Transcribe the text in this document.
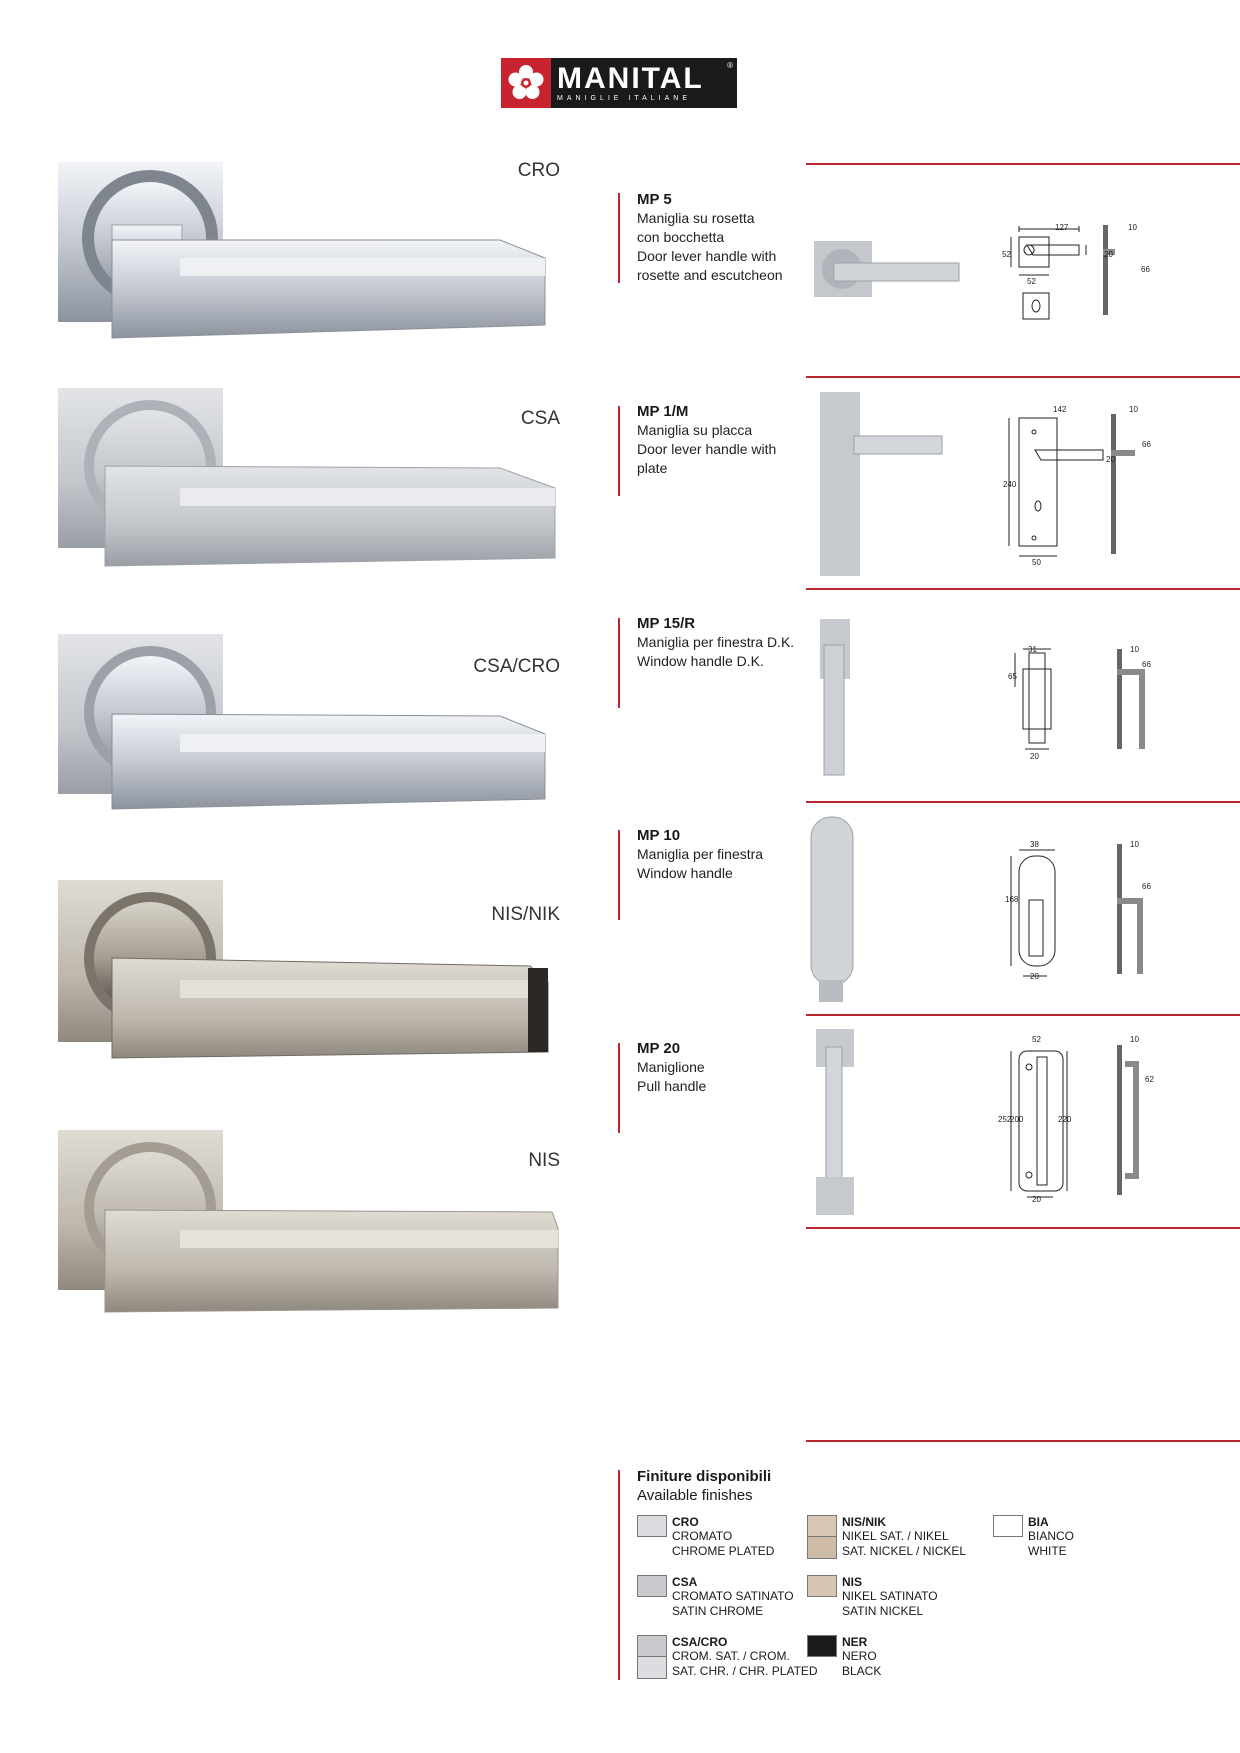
MANITAL
MANIGLIE ITALIANE
®
CRO
CSA
CSA/CRO
NIS/NIK
NIS
MP 5
Maniglia su rosetta
con bocchetta
Door lever handle with
rosette and escutcheon
127
52
52
20
10
66
MP 1/M
Maniglia su placca
Door lever handle with plate
142
240
50
20
10
66
MP 15/R
Maniglia per finestra D.K.
Window handle D.K.
31
65
20
10
66
MP 10
Maniglia per finestra
Window handle
38
168
20
10
66
MP 20
Maniglione
Pull handle
52
252
200	220
20
10
62
Finiture disponibili
Available finishes
CRO
CROMATO
CHROME PLATED
CSA
CROMATO SATINATO
SATIN CHROME
CSA/CRO
CROM. SAT. / CROM.
SAT. CHR. / CHR. PLATED
NIS/NIK
NIKEL SAT. / NIKEL
SAT. NICKEL / NICKEL
NIS
NIKEL SATINATO
SATIN NICKEL
NER
NERO
BLACK
BIA
BIANCO
WHITE
